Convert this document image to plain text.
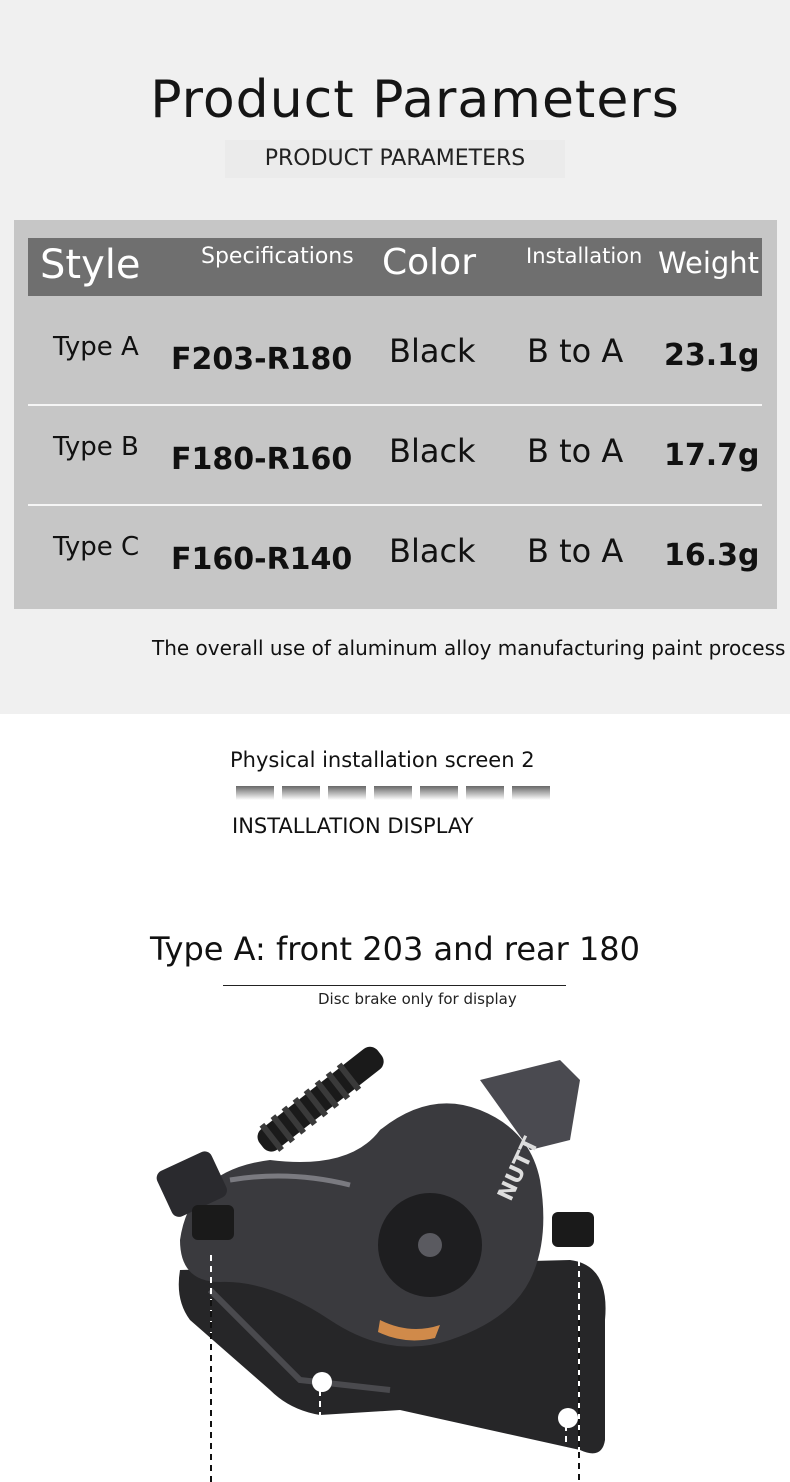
Product Parameters
PRODUCT PARAMETERS
Style	Specifications Color Installation Weight
Type A F203-R180 Black B to A 23.1g
Type B F180-R160 Black B to A 17.7g
Type C F160-R140 Black B to A 16.3g
The overall use of aluminum alloy manufacturing paint process
Physical installation screen 2
INSTALLATION DISPLAY
Type A: front 203 and rear 180
Disc brake only for display
NUTT
